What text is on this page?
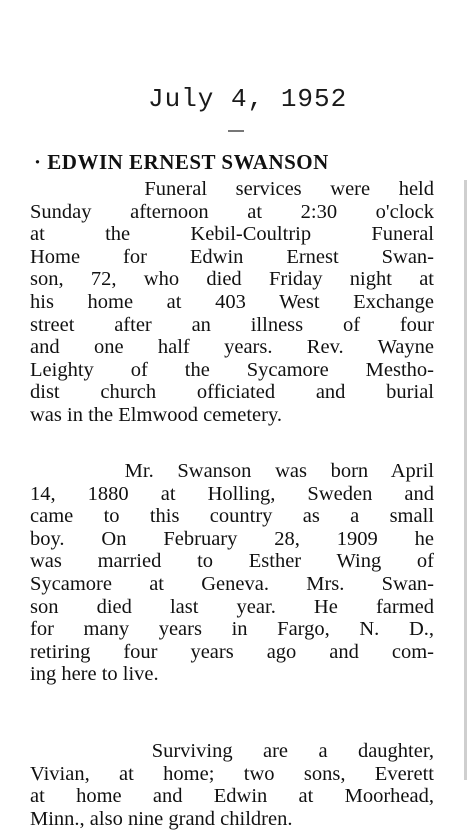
July 4, 1952
· EDWIN ERNEST SWANSON
Funeral services were held
Sunday afternoon at 2:30 o'clock
at the Kebil-Coultrip Funeral
Home for Edwin Ernest Swan-
son, 72, who died Friday night at
his home at 403 West Exchange
street after an illness of four
and one half years. Rev. Wayne
Leighty of the Sycamore Mestho-
dist church officiated and burial
was in the Elmwood cemetery.
Mr. Swanson was born April
14, 1880 at Holling, Sweden and
came to this country as a small
boy. On February 28, 1909 he
was married to Esther Wing of
Sycamore at Geneva. Mrs. Swan-
son died last year. He farmed
for many years in Fargo, N. D.,
retiring four years ago and com-
ing here to live.
Surviving are a daughter,
Vivian, at home; two sons, Everett
at home and Edwin at Moorhead,
Minn., also nine grand children.
